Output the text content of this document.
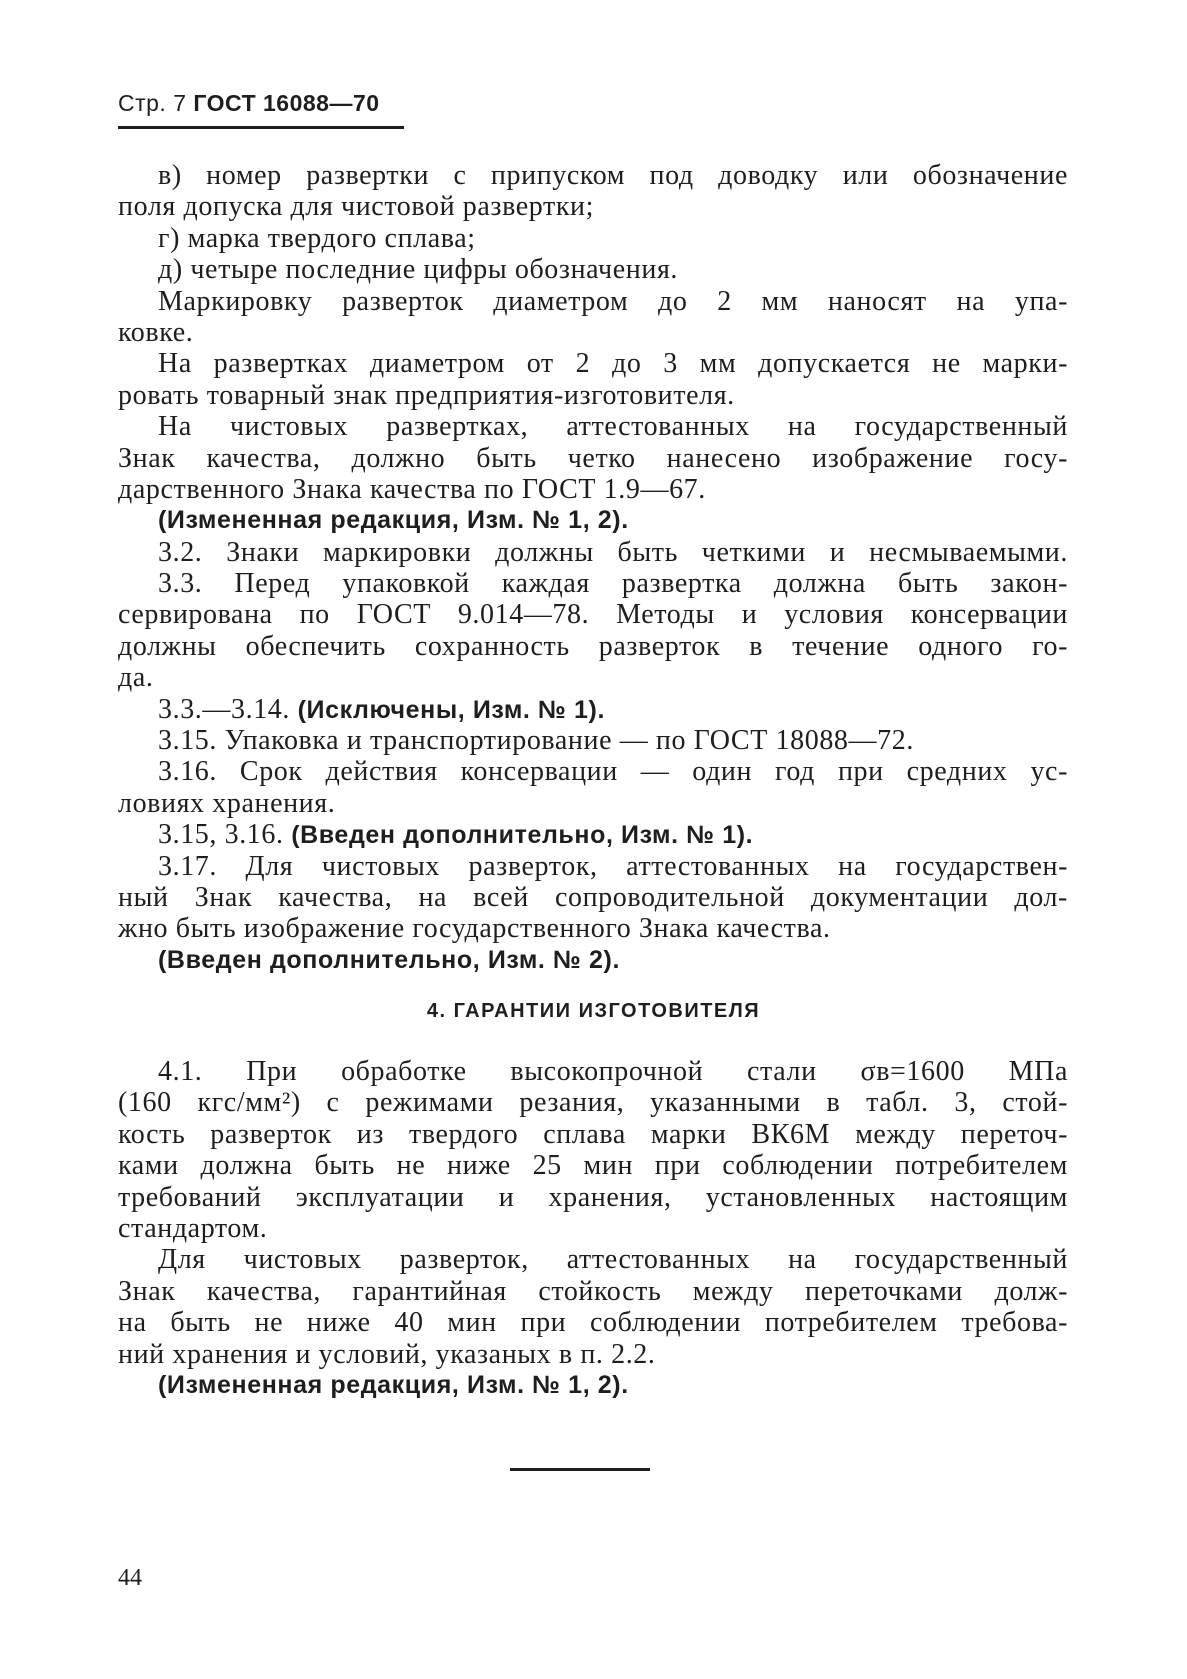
Стр. 7 ГОСТ 16088—70
в) номер развертки с припуском под доводку или обозначение
поля допуска для чистовой развертки;
г) марка твердого сплава;
д) четыре последние цифры обозначения.
Маркировку разверток диаметром до 2 мм наносят на упа-
ковке.
На развертках диаметром от 2 до 3 мм допускается не марки-
ровать товарный знак предприятия-изготовителя.
На чистовых развертках, аттестованных на государственный
Знак качества, должно быть четко нанесено изображение госу-
дарственного Знака качества по ГОСТ 1.9—67.
(Измененная редакция, Изм. № 1, 2).
3.2. Знаки маркировки должны быть четкими и несмываемыми.
3.3. Перед упаковкой каждая развертка должна быть закон-
сервирована по ГОСТ 9.014—78. Методы и условия консервации
должны обеспечить сохранность разверток в течение одного го-
да.
3.3.—3.14. (Исключены, Изм. № 1).
3.15. Упаковка и транспортирование — по ГОСТ 18088—72.
3.16. Срок действия консервации — один год при средних ус-
ловиях хранения.
3.15, 3.16. (Введен дополнительно, Изм. № 1).
3.17. Для чистовых разверток, аттестованных на государствен-
ный Знак качества, на всей сопроводительной документации дол-
жно быть изображение государственного Знака качества.
(Введен дополнительно, Изм. № 2).
4. ГАРАНТИИ ИЗГОТОВИТЕЛЯ
4.1. При обработке высокопрочной стали σв=1600 МПа
(160 кгс/мм²) с режимами резания, указанными в табл. 3, стой-
кость разверток из твердого сплава марки ВК6М между переточ-
ками должна быть не ниже 25 мин при соблюдении потребителем
требований эксплуатации и хранения, установленных настоящим
стандартом.
Для чистовых разверток, аттестованных на государственный
Знак качества, гарантийная стойкость между переточками долж-
на быть не ниже 40 мин при соблюдении потребителем требова-
ний хранения и условий, указаных в п. 2.2.
(Измененная редакция, Изм. № 1, 2).
44
